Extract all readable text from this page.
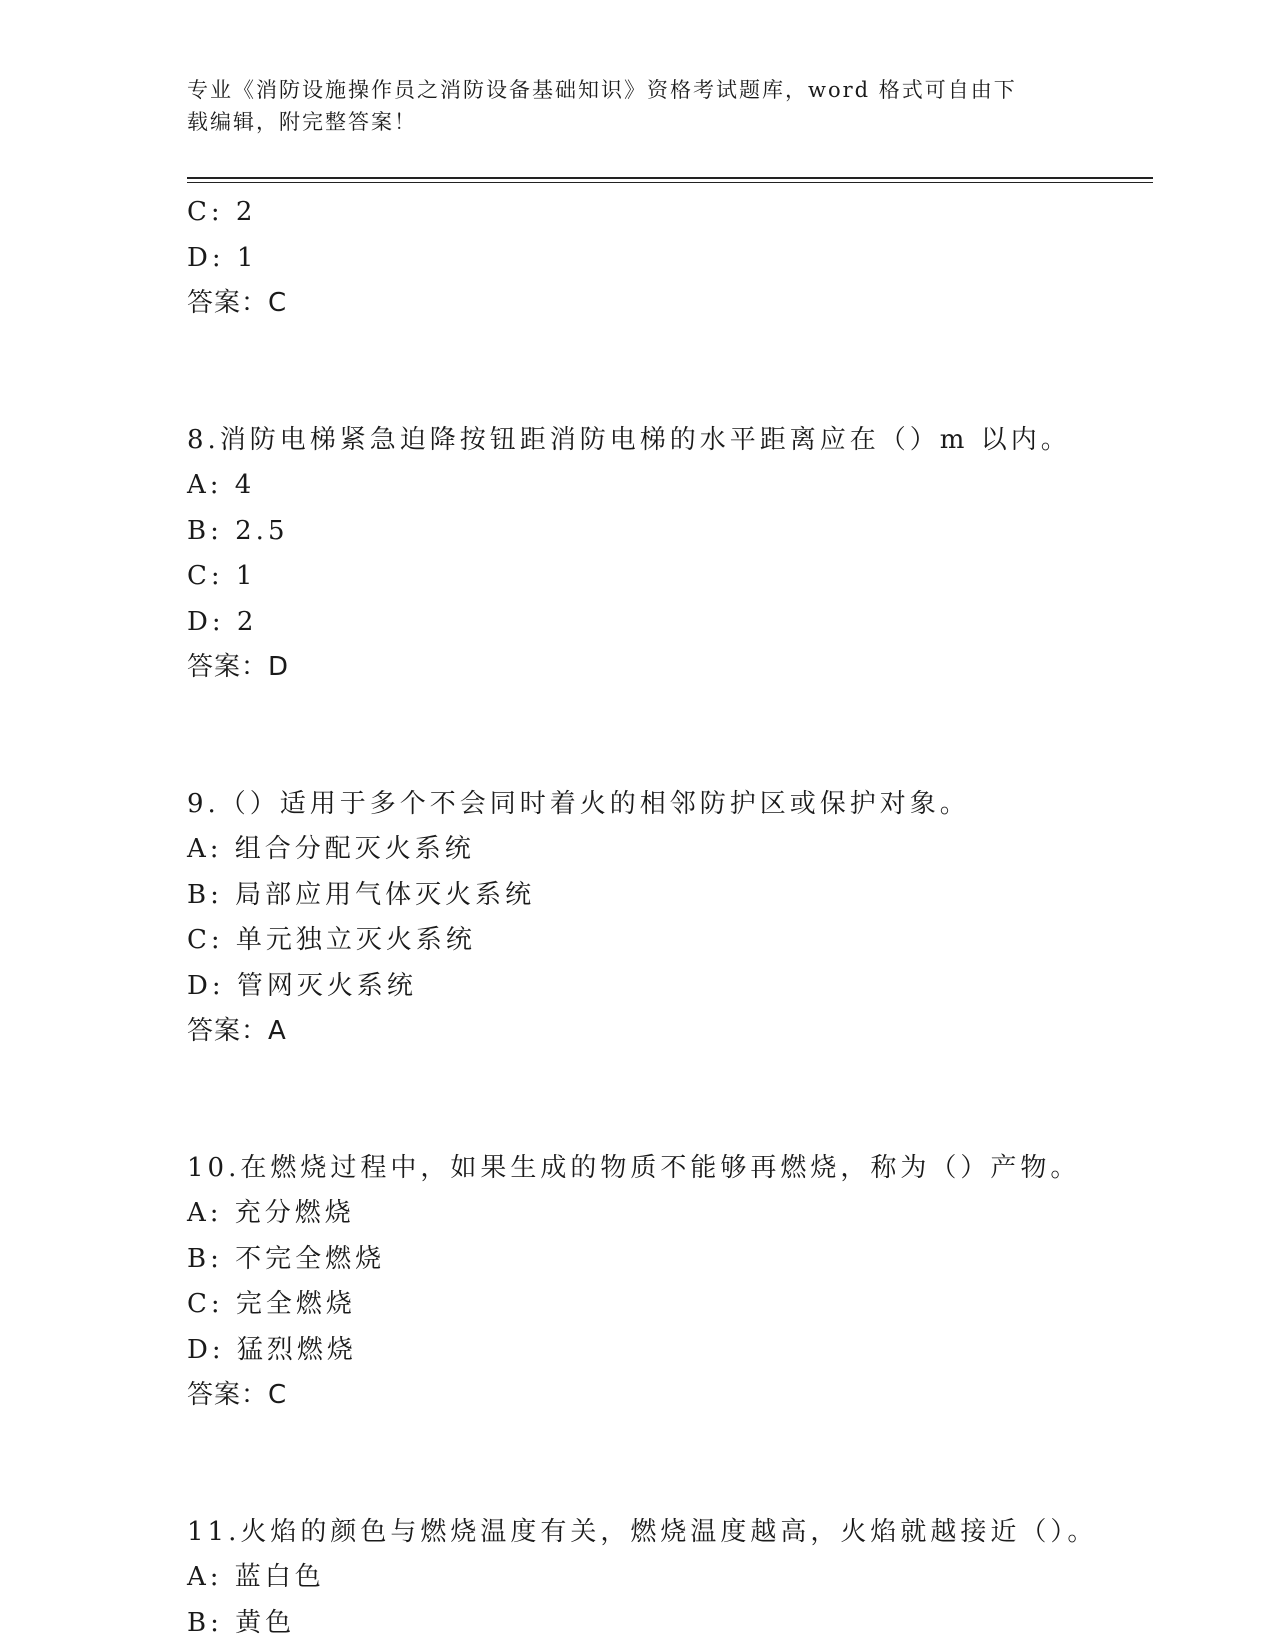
专业《消防设施操作员之消防设备基础知识》资格考试题库，word 格式可自由下
载编辑，附完整答案！
C: 2
D: 1
答案：C
8.消防电梯紧急迫降按钮距消防电梯的水平距离应在（）m 以内。
A: 4
B: 2.5
C: 1
D: 2
答案：D
9.（）适用于多个不会同时着火的相邻防护区或保护对象。
A: 组合分配灭火系统
B: 局部应用气体灭火系统
C: 单元独立灭火系统
D: 管网灭火系统
答案：A
10.在燃烧过程中，如果生成的物质不能够再燃烧，称为（）产物。
A: 充分燃烧
B: 不完全燃烧
C: 完全燃烧
D: 猛烈燃烧
答案：C
11.火焰的颜色与燃烧温度有关，燃烧温度越高，火焰就越接近（）。
A: 蓝白色
B: 黄色
